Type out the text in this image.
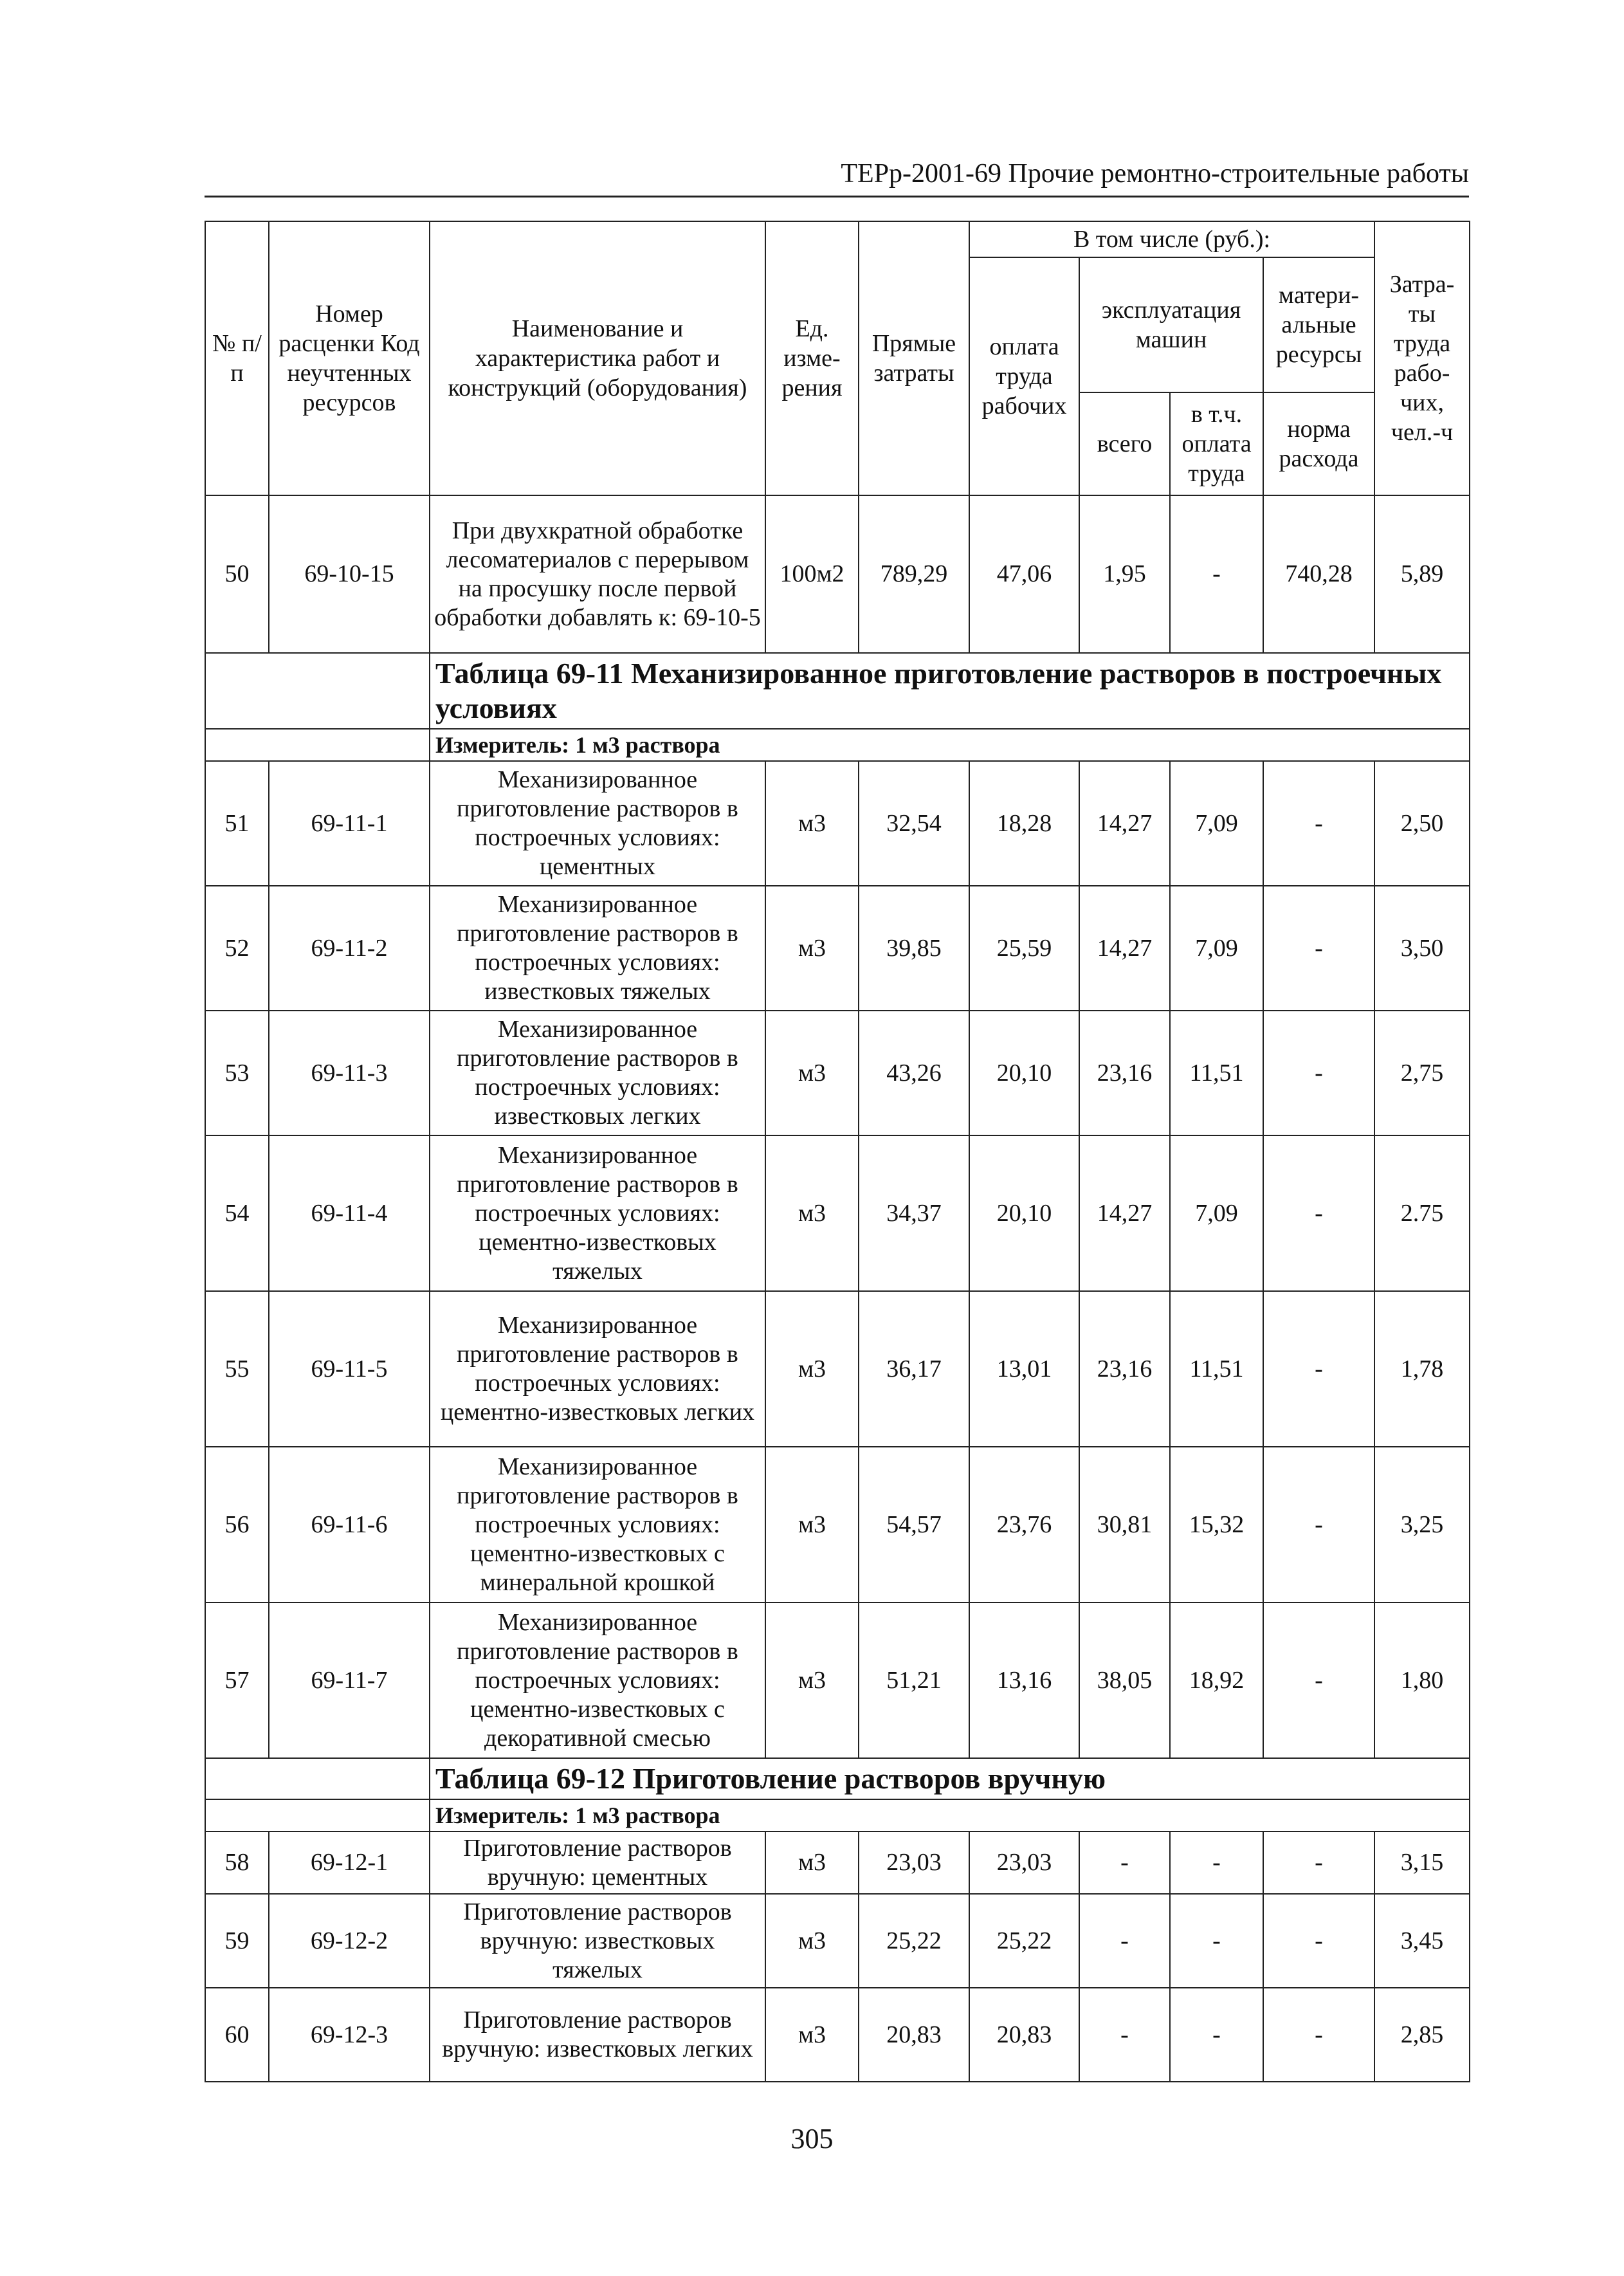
ТЕРр-2001-69 Прочие ремонтно-строительные работы
№ п/п	Номер расценки Код неучтенных ресурсов	Наименование и характеристика работ и конструкций (оборудования)	Ед. изме-рения	Прямые затраты	В том числе (руб.):				Затра-ты труда рабо-чих, чел.-ч
					оплата труда рабочих	эксплуатация машин		матери-альные ресурсы	
						всего	в т.ч. оплата труда	норма расхода	

50	69-10-15	При двухкратной обработке лесоматериалов с перерывом на просушку после первой обработки добавлять к: 69-10-5	100м2	789,29	47,06	1,95	-	740,28	5,89
		Таблица 69-11 Механизированное приготовление растворов в построечных условиях							
		Измеритель: 1 м3 раствора							
51	69-11-1	Механизированное приготовление растворов в построечных условиях: цементных	м3	32,54	18,28	14,27	7,09	-	2,50
52	69-11-2	Механизированное приготовление растворов в построечных условиях: известковых тяжелых	м3	39,85	25,59	14,27	7,09	-	3,50
53	69-11-3	Механизированное приготовление растворов в построечных условиях: известковых легких	м3	43,26	20,10	23,16	11,51	-	2,75
54	69-11-4	Механизированное приготовление растворов в построечных условиях: цементно-известковых тяжелых	м3	34,37	20,10	14,27	7,09	-	2.75
55	69-11-5	Механизированное приготовление растворов в построечных условиях: цементно-известковых легких	м3	36,17	13,01	23,16	11,51	-	1,78
56	69-11-6	Механизированное приготовление растворов в построечных условиях: цементно-известковых с минеральной крошкой	м3	54,57	23,76	30,81	15,32	-	3,25
57	69-11-7	Механизированное приготовление растворов в построечных условиях: цементно-известковых с декоративной смесью	м3	51,21	13,16	38,05	18,92	-	1,80
		Таблица 69-12 Приготовление растворов вручную							
		Измеритель: 1 м3 раствора							
58	69-12-1	Приготовление растворов вручную: цементных	м3	23,03	23,03	-	-	-	3,15
59	69-12-2	Приготовление растворов вручную: известковых тяжелых	м3	25,22	25,22	-	-	-	3,45
60	69-12-3	Приготовление растворов вручную: известковых легких	м3	20,83	20,83	-	-	-	2,85
305
